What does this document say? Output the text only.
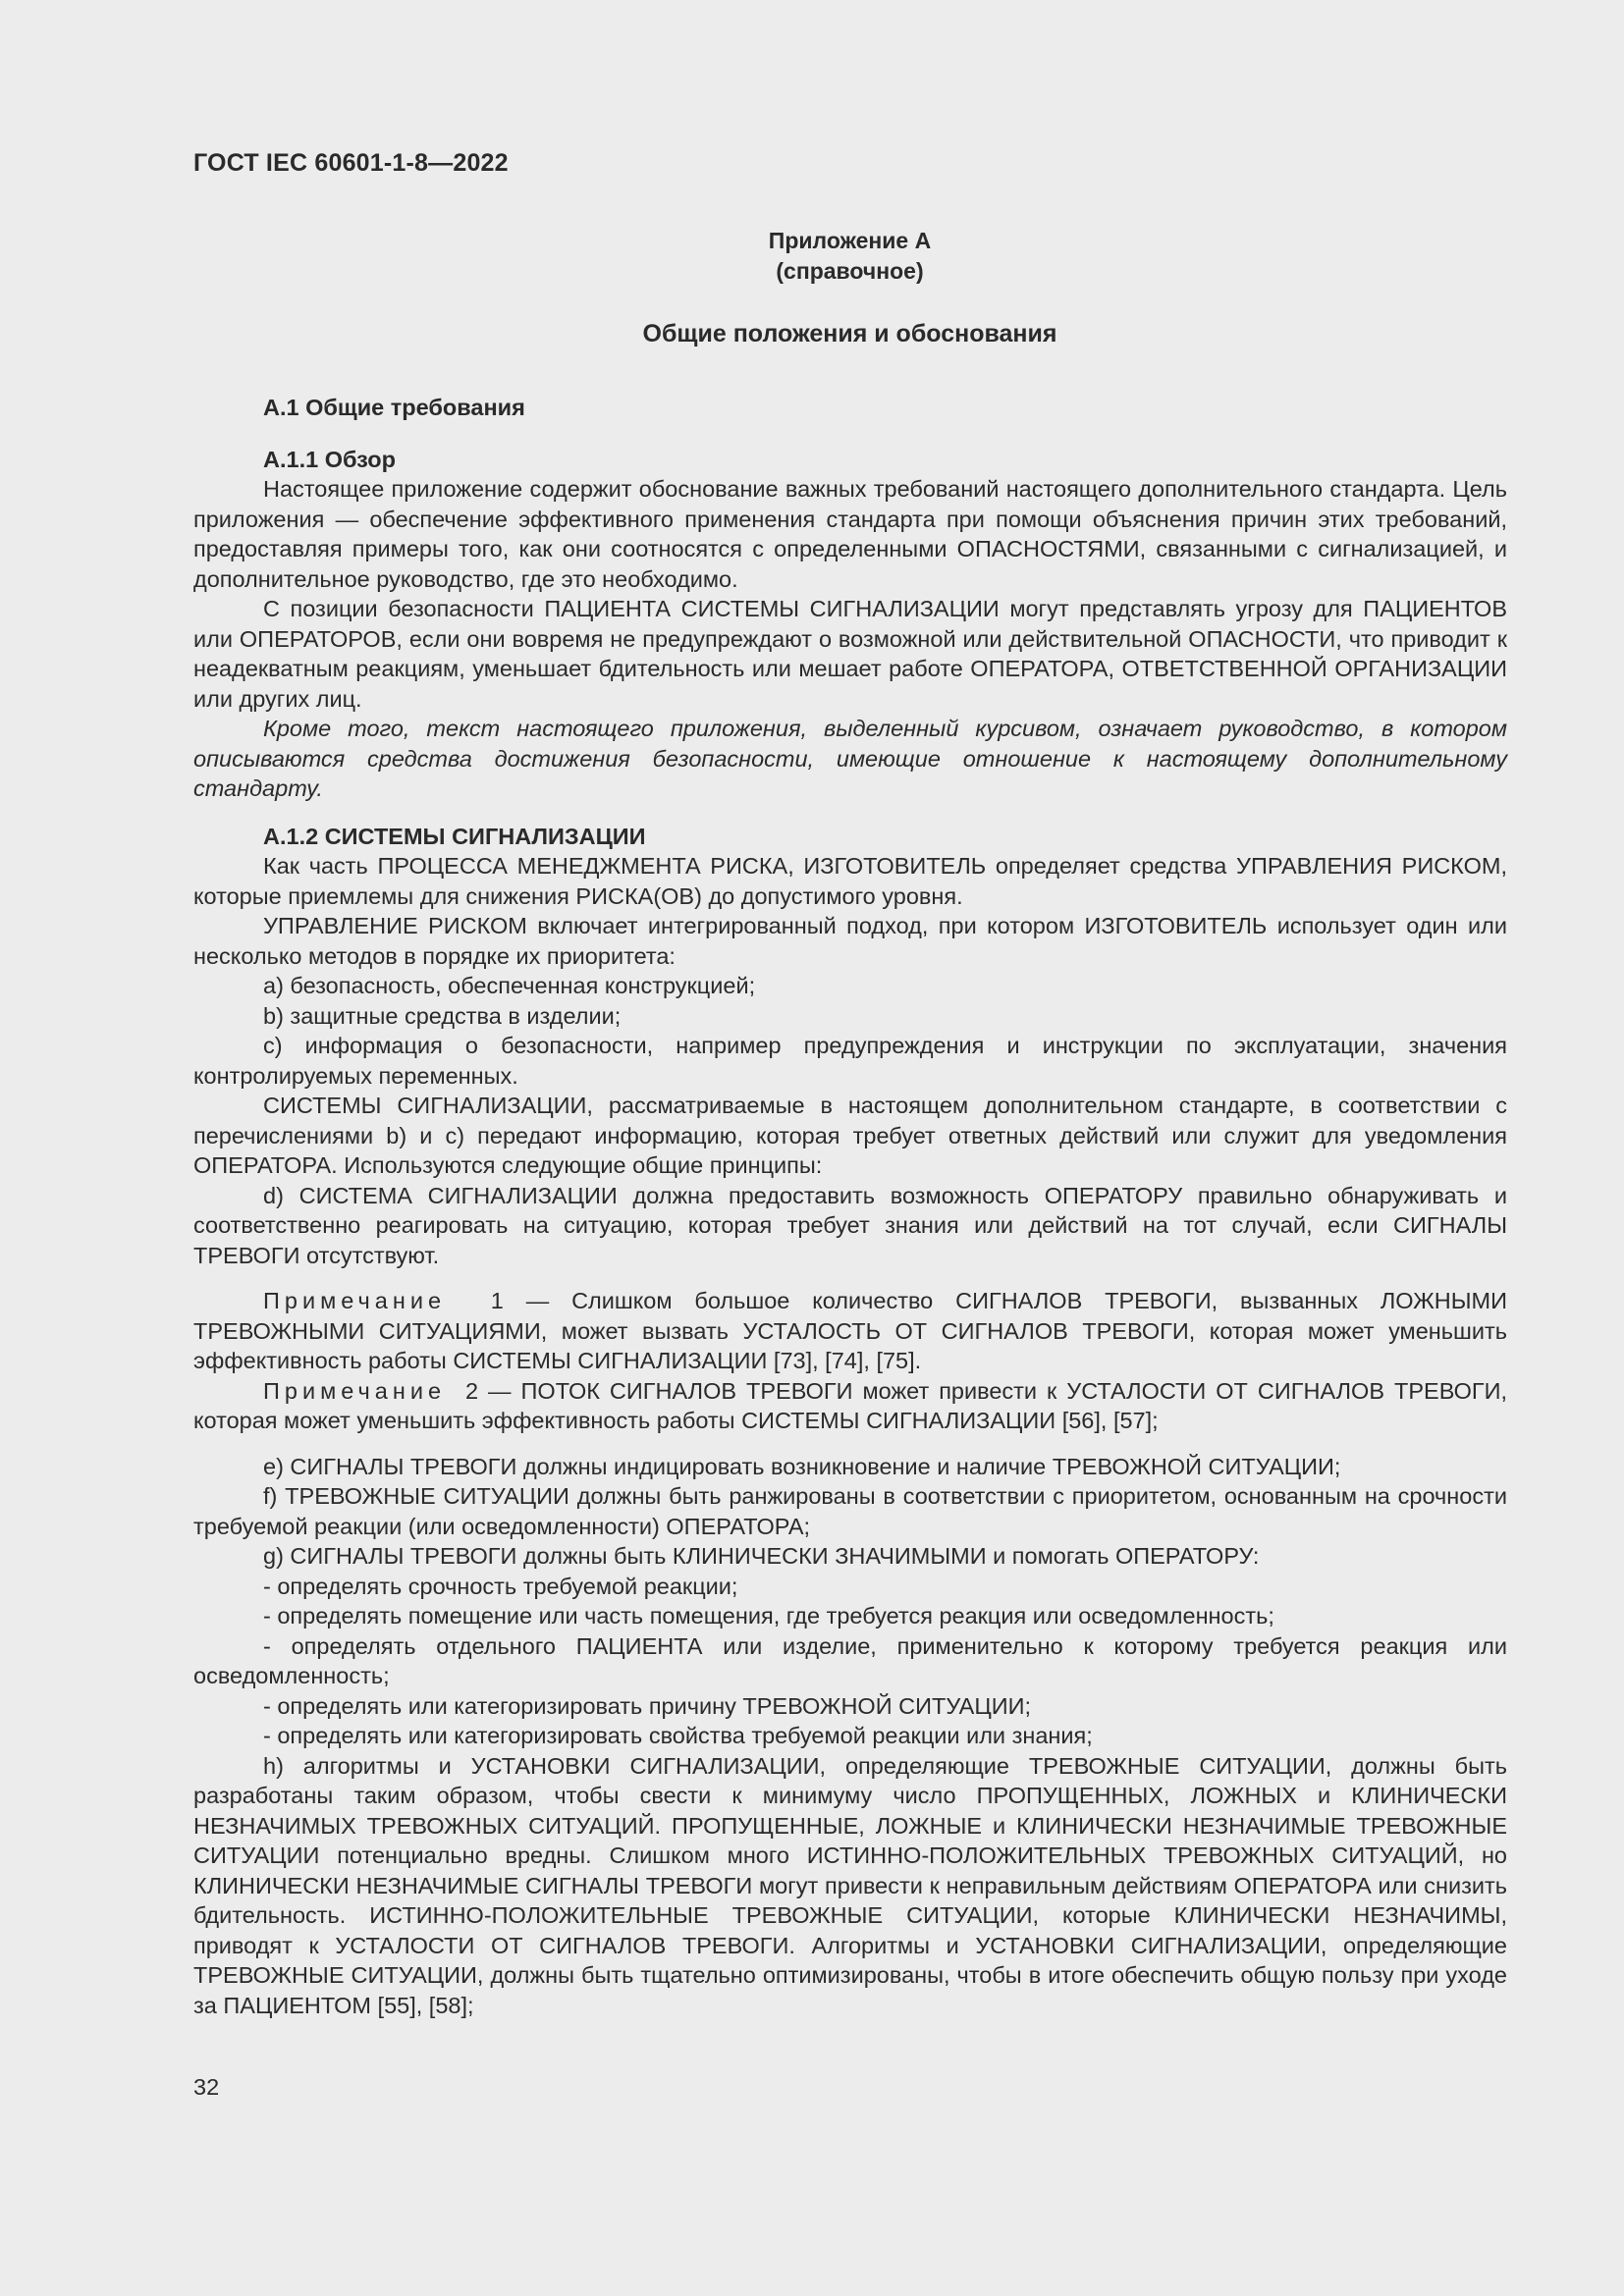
ГОСТ IEC 60601-1-8—2022
Приложение А
(справочное)
Общие положения и обоснования

А.1 Общие требования

А.1.1 Обзор

Настоящее приложение содержит обоснование важных требований настоящего дополнительного стандарта. Цель приложения — обеспечение эффективного применения стандарта при помощи объяснения причин этих требований, предоставляя примеры того, как они соотносятся с определенными ОПАСНОСТЯМИ, связанными с сигнализацией, и дополнительное руководство, где это необходимо.

С позиции безопасности ПАЦИЕНТА СИСТЕМЫ СИГНАЛИЗАЦИИ могут представлять угрозу для ПАЦИЕНТОВ или ОПЕРАТОРОВ, если они вовремя не предупреждают о возможной или действительной ОПАСНОСТИ, что приводит к неадекватным реакциям, уменьшает бдительность или мешает работе ОПЕРАТОРА, ОТВЕТСТВЕННОЙ ОРГАНИЗАЦИИ или других лиц.

Кроме того, текст настоящего приложения, выделенный курсивом, означает руководство, в котором описываются средства достижения безопасности, имеющие отношение к настоящему дополнительному стандарту.

А.1.2 СИСТЕМЫ СИГНАЛИЗАЦИИ

Как часть ПРОЦЕССА МЕНЕДЖМЕНТА РИСКА, ИЗГОТОВИТЕЛЬ определяет средства УПРАВЛЕНИЯ РИСКОМ, которые приемлемы для снижения РИСКА(ОВ) до допустимого уровня.

УПРАВЛЕНИЕ РИСКОМ включает интегрированный подход, при котором ИЗГОТОВИТЕЛЬ использует один или несколько методов в порядке их приоритета:

a) безопасность, обеспеченная конструкцией;

b) защитные средства в изделии;

c) информация о безопасности, например предупреждения и инструкции по эксплуатации, значения контролируемых переменных.

СИСТЕМЫ СИГНАЛИЗАЦИИ, рассматриваемые в настоящем дополнительном стандарте, в соответствии с перечислениями b) и с) передают информацию, которая требует ответных действий или служит для уведомления ОПЕРАТОРА. Используются следующие общие принципы:

d) СИСТЕМА СИГНАЛИЗАЦИИ должна предоставить возможность ОПЕРАТОРУ правильно обнаруживать и соответственно реагировать на ситуацию, которая требует знания или действий на тот случай, если СИГНАЛЫ ТРЕВОГИ отсутствуют.

Примечание 1 — Слишком большое количество СИГНАЛОВ ТРЕВОГИ, вызванных ЛОЖНЫМИ ТРЕВОЖНЫМИ СИТУАЦИЯМИ, может вызвать УСТАЛОСТЬ ОТ СИГНАЛОВ ТРЕВОГИ, которая может уменьшить эффективность работы СИСТЕМЫ СИГНАЛИЗАЦИИ [73], [74], [75].

Примечание 2 — ПОТОК СИГНАЛОВ ТРЕВОГИ может привести к УСТАЛОСТИ ОТ СИГНАЛОВ ТРЕВОГИ, которая может уменьшить эффективность работы СИСТЕМЫ СИГНАЛИЗАЦИИ [56], [57];

e) СИГНАЛЫ ТРЕВОГИ должны индицировать возникновение и наличие ТРЕВОЖНОЙ СИТУАЦИИ;

f) ТРЕВОЖНЫЕ СИТУАЦИИ должны быть ранжированы в соответствии с приоритетом, основанным на срочности требуемой реакции (или осведомленности) ОПЕРАТОРА;

g) СИГНАЛЫ ТРЕВОГИ должны быть КЛИНИЧЕСКИ ЗНАЧИМЫМИ и помогать ОПЕРАТОРУ:

- определять срочность требуемой реакции;

- определять помещение или часть помещения, где требуется реакция или осведомленность;

- определять отдельного ПАЦИЕНТА или изделие, применительно к которому требуется реакция или осведомленность;

- определять или категоризировать причину ТРЕВОЖНОЙ СИТУАЦИИ;

- определять или категоризировать свойства требуемой реакции или знания;

h) алгоритмы и УСТАНОВКИ СИГНАЛИЗАЦИИ, определяющие ТРЕВОЖНЫЕ СИТУАЦИИ, должны быть разработаны таким образом, чтобы свести к минимуму число ПРОПУЩЕННЫХ, ЛОЖНЫХ и КЛИНИЧЕСКИ НЕЗНАЧИМЫХ ТРЕВОЖНЫХ СИТУАЦИЙ. ПРОПУЩЕННЫЕ, ЛОЖНЫЕ и КЛИНИЧЕСКИ НЕЗНАЧИМЫЕ ТРЕВОЖНЫЕ СИТУАЦИИ потенциально вредны. Слишком много ИСТИННО-ПОЛОЖИТЕЛЬНЫХ ТРЕВОЖНЫХ СИТУАЦИЙ, но КЛИНИЧЕСКИ НЕЗНАЧИМЫЕ СИГНАЛЫ ТРЕВОГИ могут привести к неправильным действиям ОПЕРАТОРА или снизить бдительность. ИСТИННО-ПОЛОЖИТЕЛЬНЫЕ ТРЕВОЖНЫЕ СИТУАЦИИ, которые КЛИНИЧЕСКИ НЕЗНАЧИМЫ, приводят к УСТАЛОСТИ ОТ СИГНАЛОВ ТРЕВОГИ. Алгоритмы и УСТАНОВКИ СИГНАЛИЗАЦИИ, определяющие ТРЕВОЖНЫЕ СИТУАЦИИ, должны быть тщательно оптимизированы, чтобы в итоге обеспечить общую пользу при уходе за ПАЦИЕНТОМ [55], [58];

32
